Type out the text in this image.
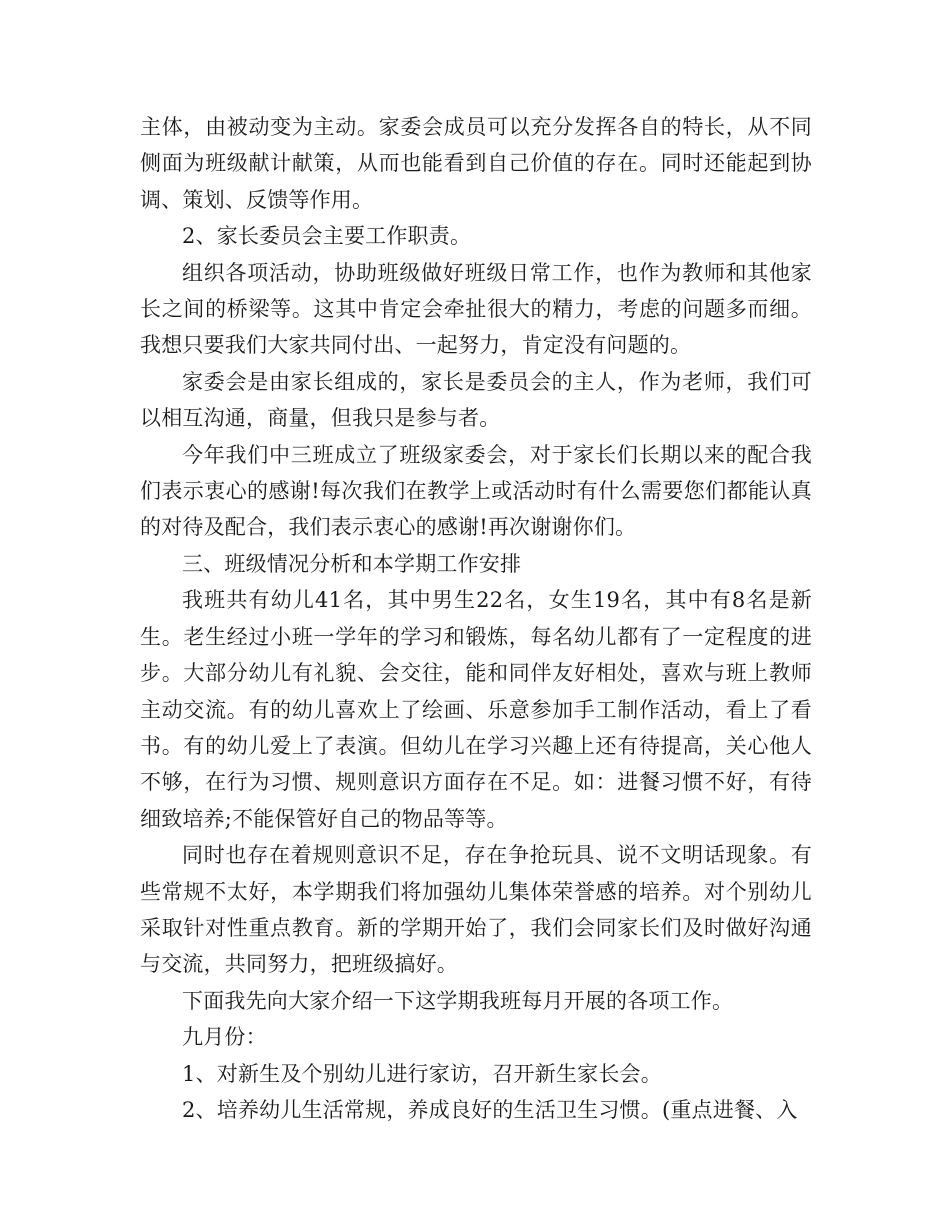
主体，由被动变为主动。家委会成员可以充分发挥各自的特长，从不同侧面为班级献计献策，从而也能看到自己价值的存在。同时还能起到协调、策划、反馈等作用。

2、家长委员会主要工作职责。

组织各项活动，协助班级做好班级日常工作，也作为教师和其他家长之间的桥梁等。这其中肯定会牵扯很大的精力，考虑的问题多而细。我想只要我们大家共同付出、一起努力，肯定没有问题的。

家委会是由家长组成的，家长是委员会的主人，作为老师，我们可以相互沟通，商量，但我只是参与者。

今年我们中三班成立了班级家委会，对于家长们长期以来的配合我们表示衷心的感谢!每次我们在教学上或活动时有什么需要您们都能认真的对待及配合，我们表示衷心的感谢!再次谢谢你们。

三、班级情况分析和本学期工作安排

我班共有幼儿41名，其中男生22名，女生19名，其中有8名是新生。老生经过小班一学年的学习和锻炼，每名幼儿都有了一定程度的进步。大部分幼儿有礼貌、会交往，能和同伴友好相处，喜欢与班上教师主动交流。有的幼儿喜欢上了绘画、乐意参加手工制作活动，看上了看书。有的幼儿爱上了表演。但幼儿在学习兴趣上还有待提高，关心他人不够，在行为习惯、规则意识方面存在不足。如：进餐习惯不好，有待细致培养;不能保管好自己的物品等等。

同时也存在着规则意识不足，存在争抢玩具、说不文明话现象。有些常规不太好，本学期我们将加强幼儿集体荣誉感的培养。对个别幼儿采取针对性重点教育。新的学期开始了，我们会同家长们及时做好沟通与交流，共同努力，把班级搞好。

下面我先向大家介绍一下这学期我班每月开展的各项工作。

九月份：

1、对新生及个别幼儿进行家访，召开新生家长会。

2、培养幼儿生活常规，养成良好的生活卫生习惯。(重点进餐、入
